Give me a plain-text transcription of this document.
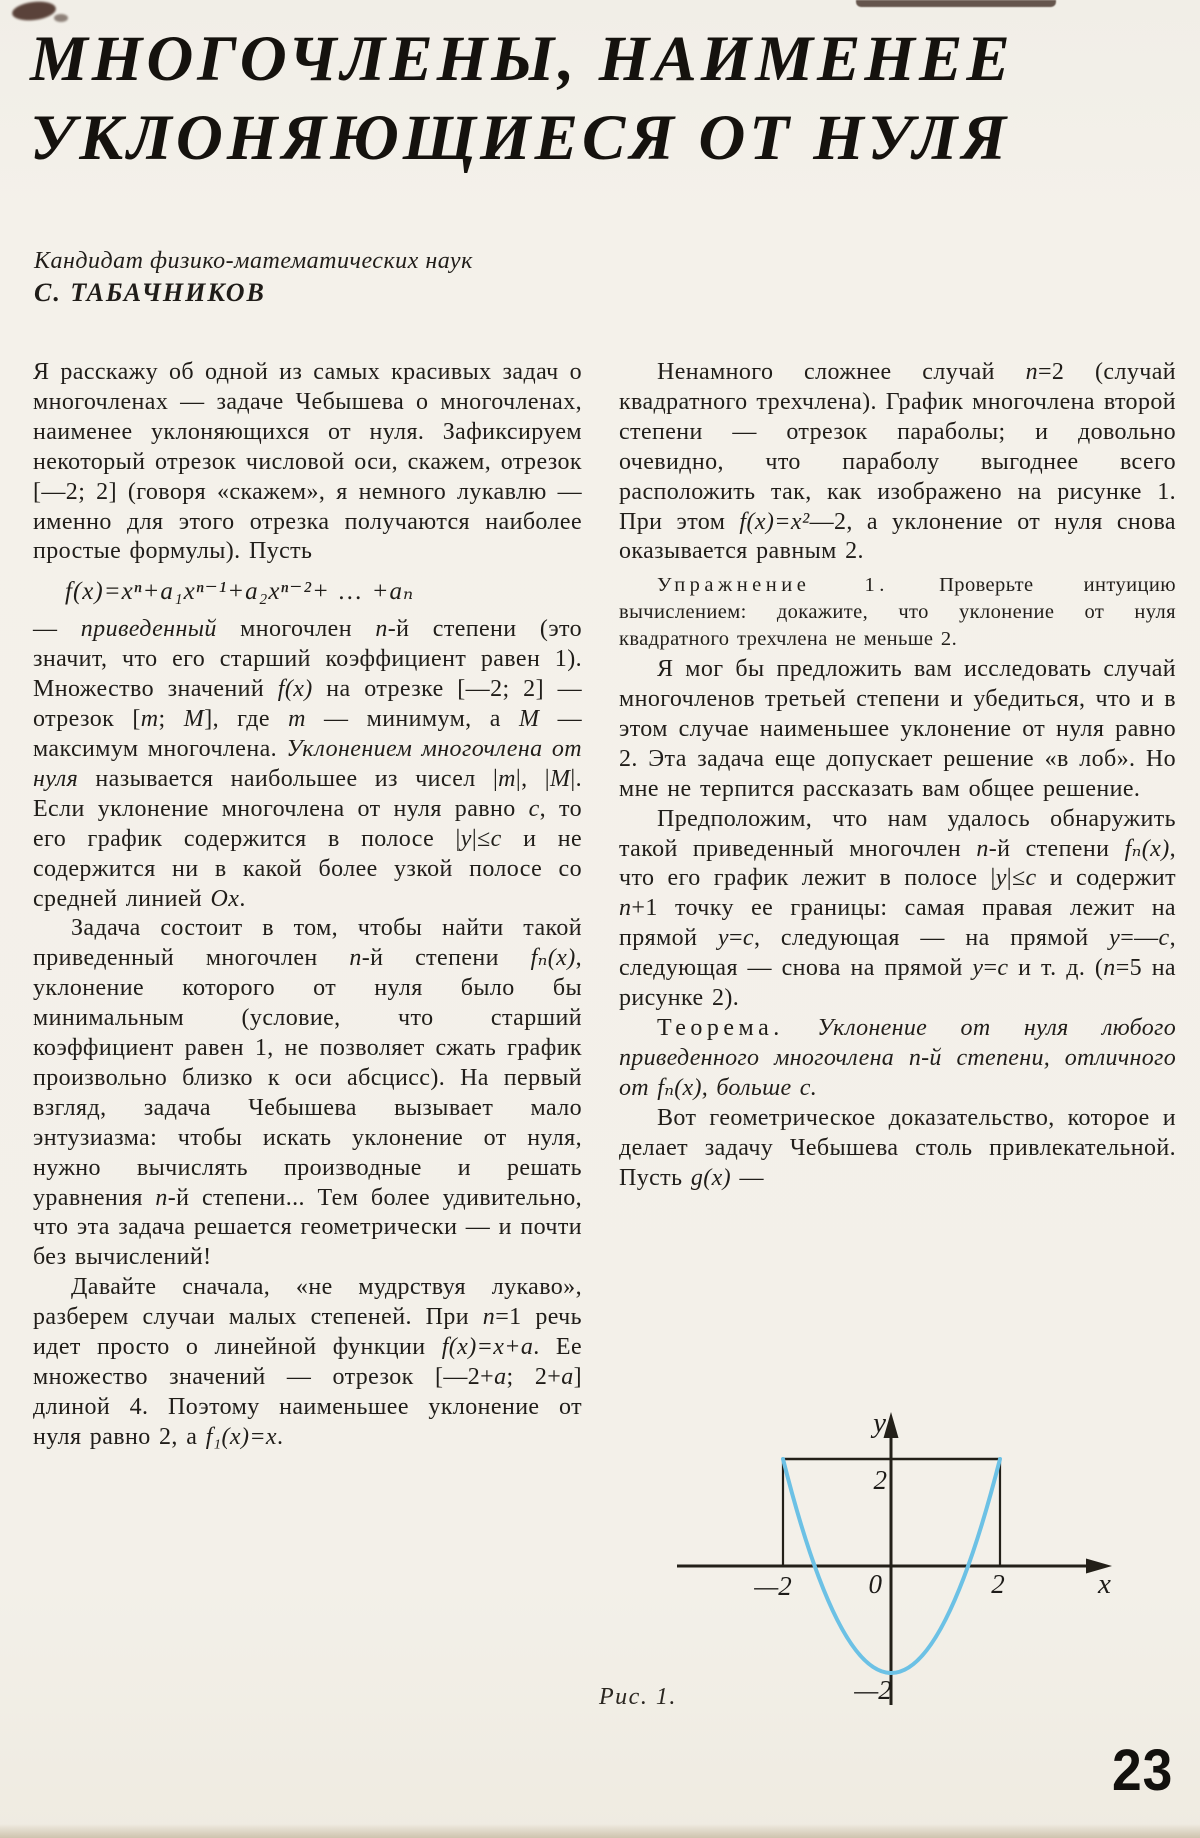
МНОГОЧЛЕНЫ, НАИМЕНЕЕ
УКЛОНЯЮЩИЕСЯ ОТ НУЛЯ
Кандидат физико-математических наук
С. ТАБАЧНИКОВ

Я расскажу об одной из самых красивых задач о многочленах — задаче Чебышева о многочленах, наименее уклоняющихся от нуля. Зафиксируем некоторый отрезок числовой оси, скажем, отрезок [—2; 2] (говоря «скажем», я немного лукавлю — именно для этого отрезка получаются наиболее простые формулы). Пусть

f(x)=xⁿ+a₁xⁿ⁻¹+a₂xⁿ⁻²+ … +aₙ

— приведенный многочлен n-й степени (это значит, что его старший коэффициент равен 1). Множество значений f(x) на отрезке [—2; 2] — отрезок [m; M], где m — минимум, а M — максимум многочлена. Уклонением многочлена от нуля называется наибольшее из чисел |m|, |M|. Если уклонение многочлена от нуля равно c, то его график содержится в полосе |y|≤c и не содержится ни в какой более узкой полосе со средней линией Ox.

Задача состоит в том, чтобы найти такой приведенный многочлен n-й степени fₙ(x), уклонение которого от нуля было бы минимальным (условие, что старший коэффициент равен 1, не позволяет сжать график произвольно близко к оси абсцисс). На первый взгляд, задача Чебышева вызывает мало энтузиазма: чтобы искать уклонение от нуля, нужно вычислять производные и решать уравнения n-й степени... Тем более удивительно, что эта задача решается геометрически — и почти без вычислений!

Давайте сначала, «не мудрствуя лукаво», разберем случаи малых степеней. При n=1 речь идет просто о линейной функции f(x)=x+a. Ее множество значений — отрезок [—2+a; 2+a] длиной 4. Поэтому наименьшее уклонение от нуля равно 2, а f₁(x)=x.

Ненамного сложнее случай n=2 (случай квадратного трехчлена). График многочлена второй степени — отрезок параболы; и довольно очевидно, что параболу выгоднее всего расположить так, как изображено на рисунке 1. При этом f(x)=x²—2, а уклонение от нуля снова оказывается равным 2.

Упражнение 1. Проверьте интуицию вычислением: докажите, что уклонение от нуля квадратного трехчлена не меньше 2.

Я мог бы предложить вам исследовать случай многочленов третьей степени и убедиться, что и в этом случае наименьшее уклонение от нуля равно 2. Эта задача еще допускает решение «в лоб». Но мне не терпится рассказать вам общее решение.

Предположим, что нам удалось обнаружить такой приведенный многочлен n-й степени fₙ(x), что его график лежит в полосе |y|≤c и содержит n+1 точку ее границы: самая правая лежит на прямой y=c, следующая — на прямой y=—c, следующая — снова на прямой y=c и т. д. (n=5 на рисунке 2).

Теорема. Уклонение от нуля любого приведенного многочлена n-й степени, отличного от fₙ(x), больше c.

Вот геометрическое доказательство, которое и делает задачу Чебышева столь привлекательной. Пусть g(x) —

y
x
2
0
—2	2
—2
Рис. 1.
23
